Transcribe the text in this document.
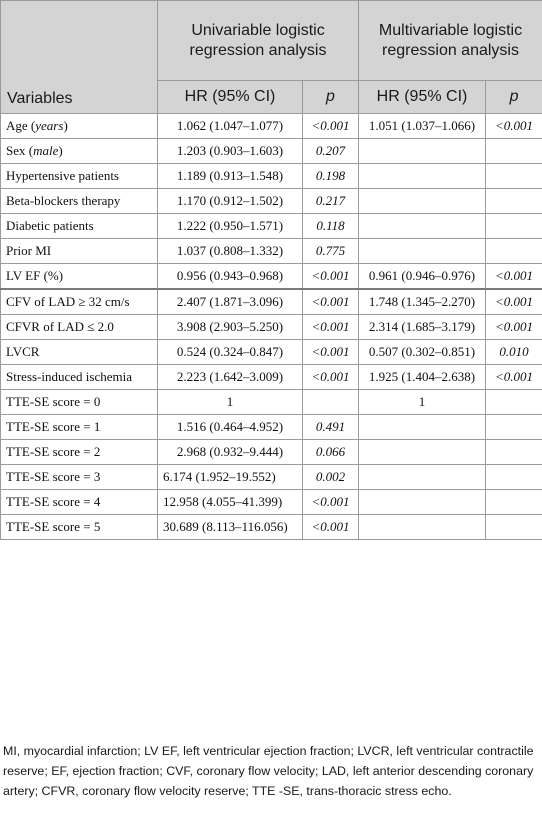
Variables	Univariable logistic regression analysis		Multivariable logistic regression analysis	
	HR (95% CI)	p	HR (95% CI)	p
Age (years)	1.062 (1.047–1.077)	<0.001	1.051 (1.037–1.066)	<0.001
Sex (male)	1.203 (0.903–1.603)	0.207		
Hypertensive patients	1.189 (0.913–1.548)	0.198		
Beta-blockers therapy	1.170 (0.912–1.502)	0.217		
Diabetic patients	1.222 (0.950–1.571)	0.118		
Prior MI	1.037 (0.808–1.332)	0.775		
LV EF (%)	0.956 (0.943–0.968)	<0.001	0.961 (0.946–0.976)	<0.001
CFV of LAD ≥ 32 cm/s	2.407 (1.871–3.096)	<0.001	1.748 (1.345–2.270)	<0.001
CFVR of LAD ≤ 2.0	3.908 (2.903–5.250)	<0.001	2.314 (1.685–3.179)	<0.001
LVCR	0.524 (0.324–0.847)	<0.001	0.507 (0.302–0.851)	0.010
Stress-induced ischemia	2.223 (1.642–3.009)	<0.001	1.925 (1.404–2.638)	<0.001
TTE-SE score = 0	1		1	
TTE-SE score = 1	1.516 (0.464–4.952)	0.491		
TTE-SE score = 2	2.968 (0.932–9.444)	0.066		
TTE-SE score = 3	6.174 (1.952–19.552)	0.002		
TTE-SE score = 4	12.958 (4.055–41.399)	<0.001		
TTE-SE score = 5	30.689 (8.113–116.056)	<0.001		
MI, myocardial infarction; LV EF, left ventricular ejection fraction; LVCR, left ventricular contractile reserve; EF, ejection fraction; CVF, coronary flow velocity; LAD, left anterior descending coronary artery; CFVR, coronary flow velocity reserve; TTE -SE, trans-thoracic stress echo.
